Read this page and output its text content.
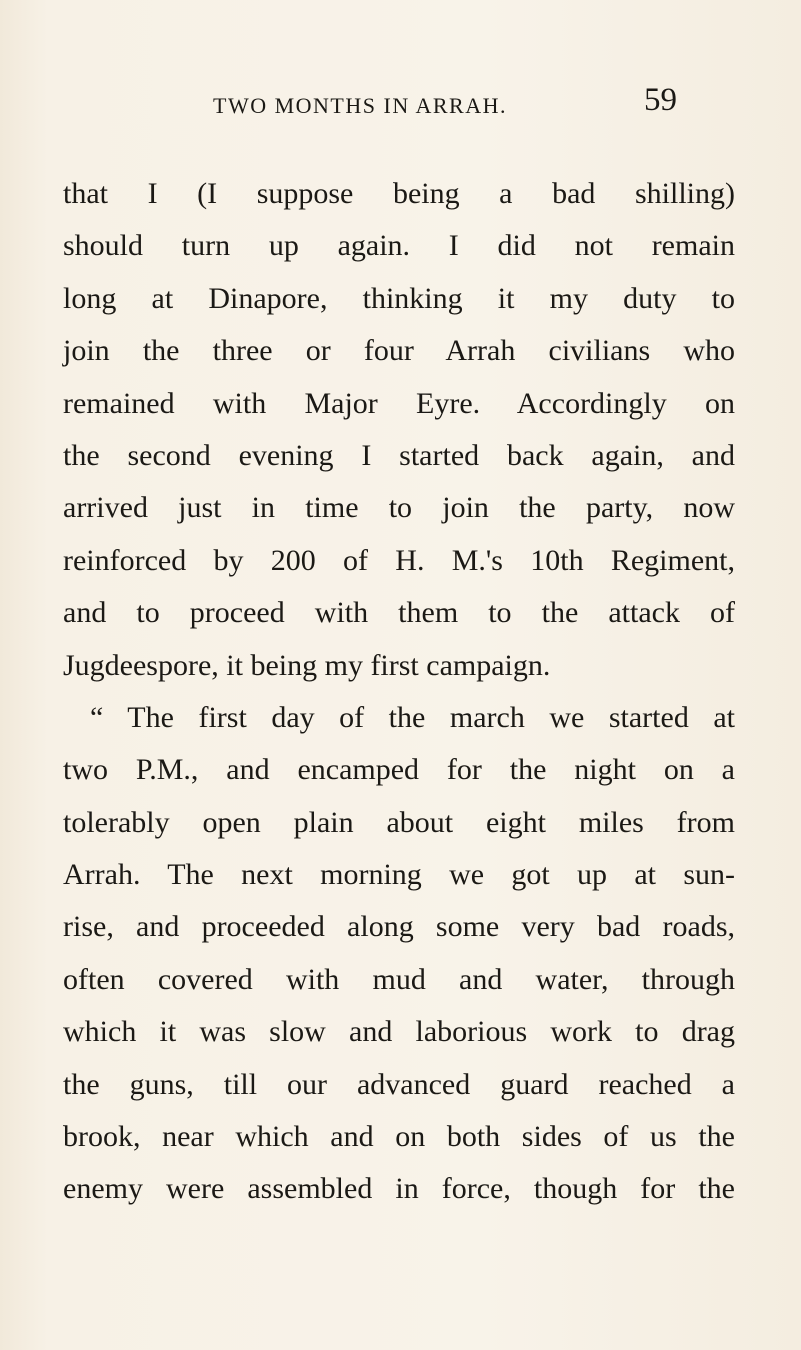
TWO MONTHS IN ARRAH.	59
that I (I suppose being a bad shilling)
should turn up again. I did not remain
long at Dinapore, thinking it my duty to
join the three or four Arrah civilians who
remained with Major Eyre. Accordingly on
the second evening I started back again, and
arrived just in time to join the party, now
reinforced by 200 of H. M.'s 10th Regiment,
and to proceed with them to the attack of
Jugdeespore, it being my first campaign.
“ The first day of the march we started at
two P.M., and encamped for the night on a
tolerably open plain about eight miles from
Arrah. The next morning we got up at sun-
rise, and proceeded along some very bad roads,
often covered with mud and water, through
which it was slow and laborious work to drag
the guns, till our advanced guard reached a
brook, near which and on both sides of us the
enemy were assembled in force, though for the
